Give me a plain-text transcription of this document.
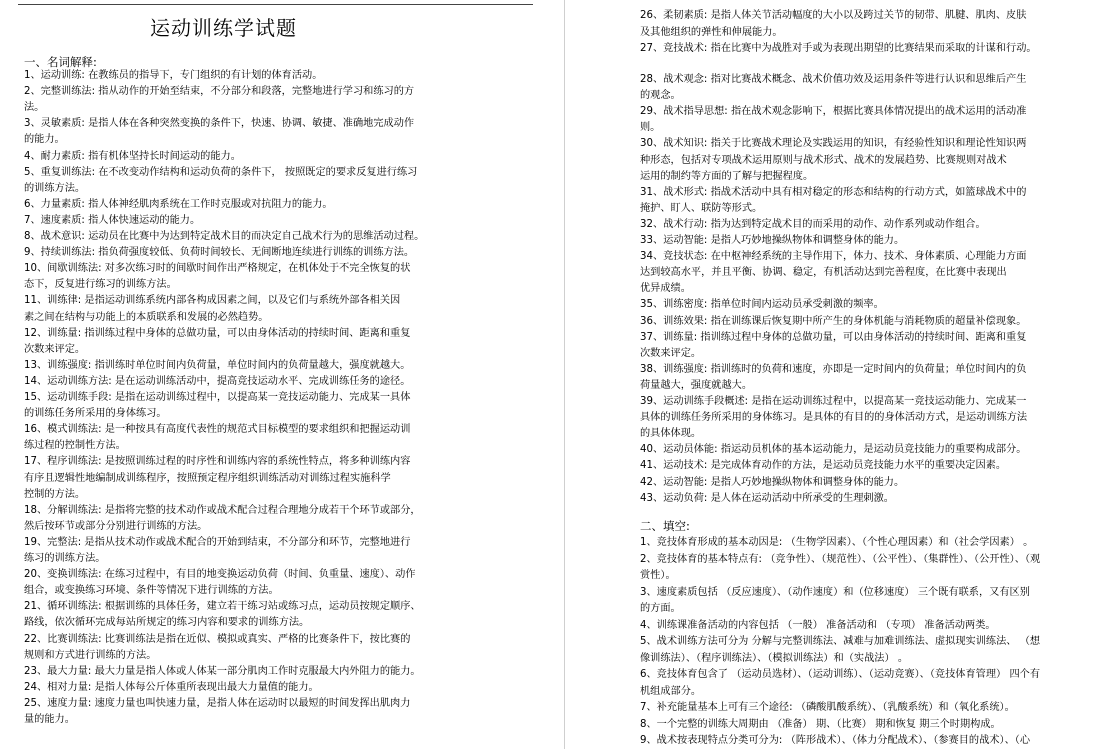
运动训练学试题
一、名词解释:
1、运动训练: 在教练员的指导下，专门组织的有计划的体育活动。
2、完整训练法: 指从动作的开始至结束，不分部分和段落，完整地进行学习和练习的方
法。
3、灵敏素质: 是指人体在各种突然变换的条件下，快速、协调、敏捷、准确地完成动作
的能力。
4、耐力素质: 指有机体坚持长时间运动的能力。
5、重复训练法: 在不改变动作结构和运动负荷的条件下， 按照既定的要求反复进行练习
的训练方法。
6、力量素质: 指人体神经肌肉系统在工作时克服或对抗阻力的能力。
7、速度素质: 指人体快速运动的能力。
8、战术意识: 运动员在比赛中为达到特定战术目的而决定自己战术行为的思维活动过程。
9、持续训练法: 指负荷强度较低、负荷时间较长、无间断地连续进行训练的训练方法。
10、间歇训练法: 对多次练习时的间歇时间作出严格规定，在机体处于不完全恢复的状
态下，反复进行练习的训练方法。
11、训练律: 是指运动训练系统内部各构成因素之间，以及它们与系统外部各相关因
素之间在结构与功能上的本质联系和发展的必然趋势。
12、训练量: 指训练过程中身体的总做功量，可以由身体活动的持续时间、距离和重复
次数来评定。
13、训练强度: 指训练时单位时间内负荷量，单位时间内的负荷量越大，强度就越大。
14、运动训练方法: 是在运动训练活动中，提高竞技运动水平、完成训练任务的途径。
15、运动训练手段: 是指在运动训练过程中，以提高某一竞技运动能力、完成某一具体
的训练任务所采用的身体练习。
16、模式训练法: 是一种按具有高度代表性的规范式目标模型的要求组织和把握运动训
练过程的控制性方法。
17、程序训练法: 是按照训练过程的时序性和训练内容的系统性特点，将多种训练内容
有序且逻辑性地编制成训练程序，按照预定程序组织训练活动对训练过程实施科学
控制的方法。
18、分解训练法: 是指将完整的技术动作或战术配合过程合理地分成若干个环节或部分，
然后按环节或部分分别进行训练的方法。
19、完整法: 是指从技术动作或战术配合的开始到结束，不分部分和环节，完整地进行
练习的训练方法。
20、变换训练法: 在练习过程中，有目的地变换运动负荷（时间、负重量、速度）、动作
组合，或变换练习环境、条件等情况下进行训练的方法。
21、循环训练法: 根据训练的具体任务，建立若干练习站或练习点，运动员按规定顺序、
路线，依次循环完成每站所规定的练习内容和要求的训练方法。
22、比赛训练法: 比赛训练法是指在近似、模拟或真实、严格的比赛条件下，按比赛的
规则和方式进行训练的方法。
23、最大力量: 最大力量是指人体或人体某一部分肌肉工作时克服最大内外阻力的能力。
24、相对力量: 是指人体每公斤体重所表现出最大力量值的能力。
25、速度力量: 速度力量也叫快速力量，是指人体在运动时以最短的时间发挥出肌肉力
量的能力。
26、柔韧素质: 是指人体关节活动幅度的大小以及跨过关节的韧带、肌腱、肌肉、皮肤
及其他组织的弹性和伸展能力。
27、竞技战术: 指在比赛中为战胜对手或为表现出期望的比赛结果而采取的计谋和行动。
28、战术观念: 指对比赛战术概念、战术价值功效及运用条件等进行认识和思维后产生
的观念。
29、战术指导思想: 指在战术观念影响下，根据比赛具体情况提出的战术运用的活动准
则。
30、战术知识: 指关于比赛战术理论及实践运用的知识，有经验性知识和理论性知识两
种形态，包括对专项战术运用原则与战术形式、战术的发展趋势、比赛规则对战术
运用的制约等方面的了解与把握程度。
31、战术形式: 指战术活动中具有相对稳定的形态和结构的行动方式，如篮球战术中的
掩护、盯人、联防等形式。
32、战术行动: 指为达到特定战术目的而采用的动作、动作系列或动作组合。
33、运动智能: 是指人巧妙地操纵物体和调整身体的能力。
34、竞技状态: 在中枢神经系统的主导作用下，体力、技术、身体素质、心理能力方面
达到较高水平，并且平衡、协调、稳定，有机活动达到完善程度，在比赛中表现出
优异成绩。
35、训练密度: 指单位时间内运动员承受刺激的频率。
36、训练效果: 指在训练课后恢复期中所产生的身体机能与消耗物质的超量补偿现象。
37、训练量: 指训练过程中身体的总做功量，可以由身体活动的持续时间、距离和重复
次数来评定。
38、训练强度: 指训练时的负荷和速度，亦即是一定时间内的负荷量；单位时间内的负
荷量越大，强度就越大。
39、运动训练手段概述: 是指在运动训练过程中，以提高某一竞技运动能力、完成某一
具体的训练任务所采用的身体练习。是具体的有目的的身体活动方式，是运动训练方法
的具体体现。
40、运动员体能: 指运动员机体的基本运动能力，是运动员竞技能力的重要构成部分。
41、运动技术: 是完成体育动作的方法，是运动员竞技能力水平的重要决定因素。
42、运动智能: 是指人巧妙地操纵物体和调整身体的能力。
43、运动负荷: 是人体在运动活动中所承受的生理刺激。
二、填空:
1、竞技体育形成的基本动因是: （生物学因素）、（个性心理因素）和（社会学因素） 。
2、竞技体育的基本特点有: （竞争性）、（规范性）、（公平性）、（集群性）、（公开性）、（观
赏性）。
3、速度素质包括 （反应速度）、（动作速度）和（位移速度） 三个既有联系，又有区别
的方面。
4、训练课准备活动的内容包括 （一般） 准备活动和 （专项） 准备活动两类。
5、战术训练方法可分为 分解与完整训练法、减难与加难训练法、虚拟现实训练法、 （想
像训练法）、（程序训练法）、（模拟训练法）和（实战法） 。
6、竞技体育包含了 （运动员选材）、（运动训练）、（运动竞赛）、（竞技体育管理） 四个有
机组成部分。
7、补充能量基本上可有三个途径: （磷酸肌酸系统）、（乳酸系统）和（氧化系统）。
8、一个完整的训练大周期由 （准备） 期、（比赛） 期和恢复 期三个时期构成。
9、战术按表现特点分类可分为: （阵形战术）、（体力分配战术）、（参赛目的战术）、（心
